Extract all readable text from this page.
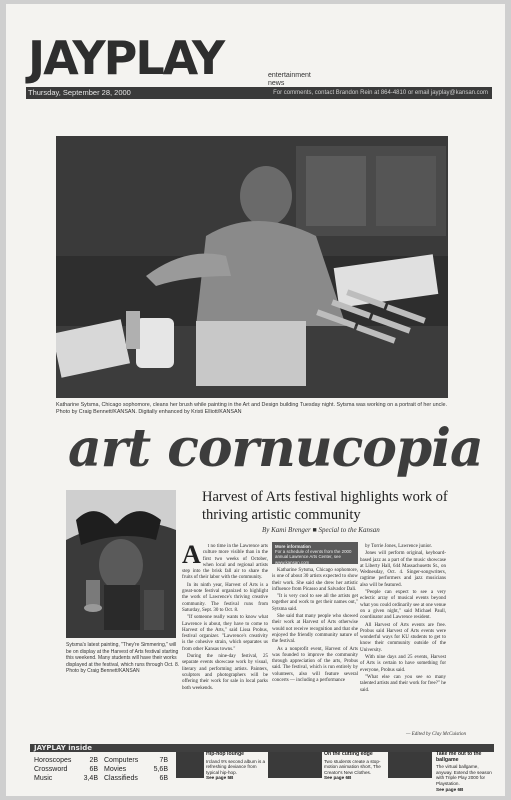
JAYPLAY	entertainment news
Thursday, September 28, 2000	For comments, contact Brandon Rein at 864-4810 or email jayplay@kansan.com
Katharine Sytsma, Chicago sophomore, cleans her brush while painting in the Art and Design building Tuesday night. Sytsma was working on a portrait of her uncle. Photo by Craig Bennett/KANSAN. Digitally enhanced by Kristi Elliott/KANSAN
art cornucopia
Sytsma's latest painting, "They're Simmering," will be on display at the Harvest of Arts festival starting this weekend. Many students will have their works displayed at the festival, which runs through Oct. 8. Photo by Craig Bennett/KANSAN
Harvest of Arts festival highlights work of thriving artistic community
By Kami Brenger ■ Special to the Kansan

A t no time in the Lawrence arts culture more visible than in the first two weeks of October, when local and regional artists step into the brisk fall air to share the fruits of their labor with the community.

In its ninth year, Harvest of Arts is a great-note festival organized to highlight the work of Lawrence's thriving creative community. The festival runs from Saturday, Sept. 30 to Oct. 8.

"If someone really wants to know what Lawrence is about, they have to come to Harvest of the Arts," said Lissa Probus, festival organizer. "Lawrence's creativity is the cohesive strain, which separates us from other Kansas towns."

During the nine-day festival, 25 separate events showcase work by visual, literary and performing artists. Painters, sculptors and photographers will be offering their work for sale in local parks both weekends.

More information
For a schedule of events from the 2000 annual Lawrence Arts Center, see www.kansan.com

Katharine Sytsma, Chicago sophomore, is one of about 30 artists expected to show their work. She said she drew her artistic influence from Picasso and Salvador Dali.

"It is very cool to see all the artists get together and work to get their names out," Sytsma said.

She said that many people who showed their work at Harvest of Arts otherwise would not receive recognition and that she enjoyed the friendly community nature of the festival.

As a nonprofit event, Harvest of Arts was founded to improve the community through appreciation of the arts, Probus said. The festival, which is run entirely by volunteers, also will feature several concerts — including a performance

by Torrie Jones, Lawrence junior.

Jones will perform original, keyboard-based jazz as a part of the music showcase at Liberty Hall, 644 Massachusetts St., on Wednesday, Oct. 4. Singer-songwriters, ragtime performers and jazz musicians also will be featured.

"People can expect to see a very eclectic array of musical events beyond what you could ordinarily see at one venue on a given night," said Michael Paull, coordinator and Lawrence resident.

All Harvest of Arts events are free. Probus said Harvest of Arts events were wonderful ways for KU students to get to know their community outside of the University.

With nine days and 25 events, Harvest of Arts is certain to have something for everyone, Probus said.

"What else can you see so many talented artists and their work for free?" he said.

— Edited by Clay McCuistion
JAYPLAY inside
Horoscopes	2B Computers	7B
Crossword	6B Movies	5,6B
Music	3,4B Classifieds	6B
Hip-hop lounge
Ircland 9's second album is a refreshing deviance from typical hip-hop.
See page 5B
On the cutting edge
Two students create a stop-motion animation short, The Creator's New Clothes.
See page 6B
Take me out to the ballgame
The virtual ballgame, anyway. Extend the season with Triple Play 2000 for Playstation.
See page 6B
